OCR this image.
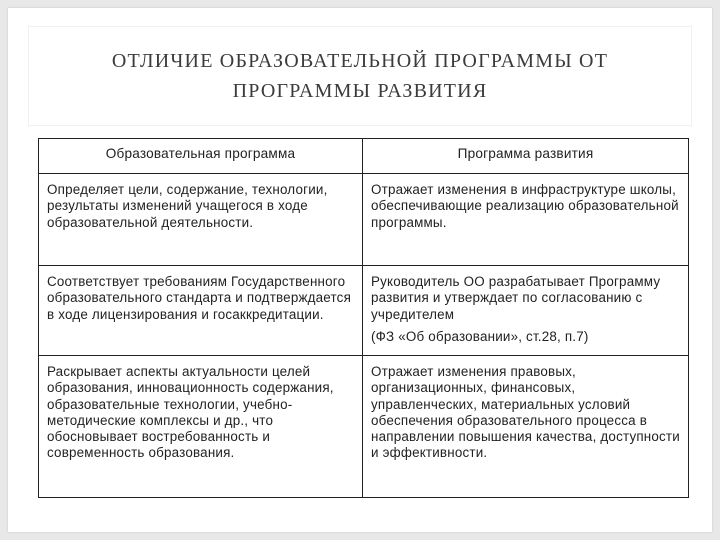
ОТЛИЧИЕ ОБРАЗОВАТЕЛЬНОЙ ПРОГРАММЫ ОТ
ПРОГРАММЫ РАЗВИТИЯ
Образовательная программа	Программа развития
Определяет цели, содержание, технологии, результаты изменений учащегося в ходе образовательной деятельности.	Отражает изменения в инфраструктуре школы, обеспечивающие реализацию образовательной программы.
Соответствует требованиям Государственного образовательного стандарта и подтверждается в ходе лицензирования и госаккредитации.	Руководитель ОО разрабатывает Программу развития и утверждает по согласованию с учредителем
(ФЗ «Об образовании», ст.28, п.7)

Раскрывает аспекты актуальности целей образования, инновационность содержания, образовательные технологии, учебно-методические комплексы и др., что обосновывает востребованность и современность образования.	Отражает изменения правовых, организационных, финансовых, управленческих, материальных условий обеспечения образовательного процесса в направлении повышения качества, доступности и эффективности.
